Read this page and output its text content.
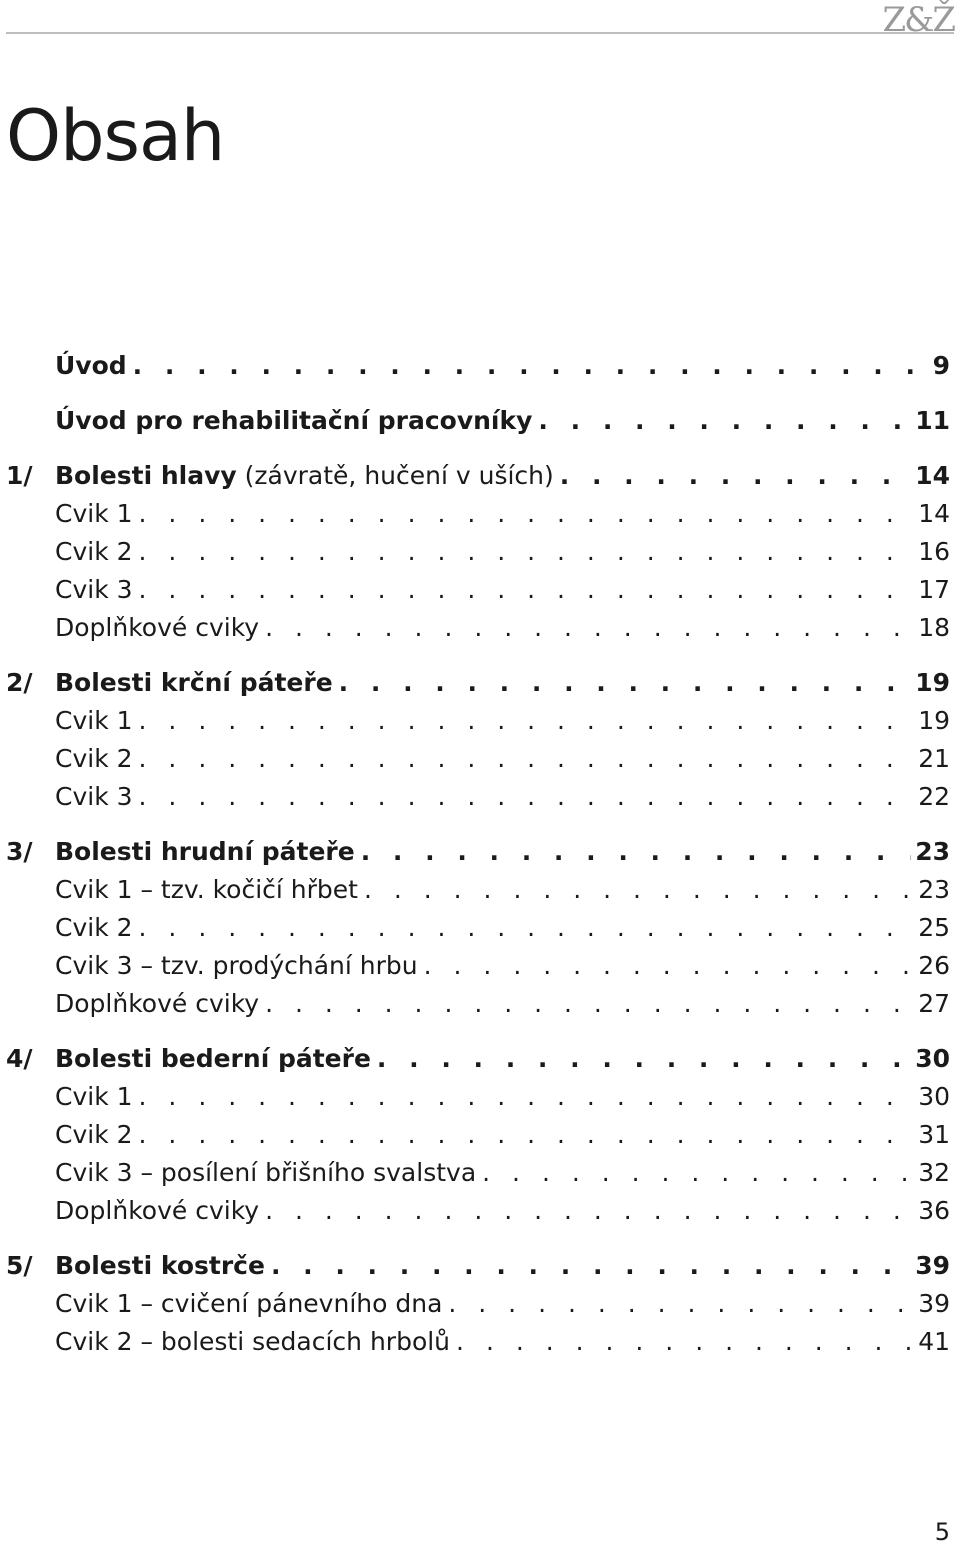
Z&Ž
Obsah
Úvod . . .	9
Úvod pro rehabilitační pracovníky . . .	11
1/ Bolesti hlavy (závratě, hučení v uších) . . .	14
Cvik 1 . . .	14
Cvik 2 . . .	16
Cvik 3 . . .	17
Doplňkové cviky . . .	18
2/ Bolesti krční páteře . . .	19
Cvik 1 . . .	19
Cvik 2 . . .	21
Cvik 3 . . .	22
3/ Bolesti hrudní páteře . . .	23
Cvik 1 – tzv. kočičí hřbet . . .	23
Cvik 2 . . .	25
Cvik 3 – tzv. prodýchání hrbu . . .	26
Doplňkové cviky . . .	27
4/ Bolesti bederní páteře . . .	30
Cvik 1 . . .	30
Cvik 2 . . .	31
Cvik 3 – posílení břišního svalstva . . .	32
Doplňkové cviky . . .	36
5/ Bolesti kostrče . . .	39
Cvik 1 – cvičení pánevního dna . . .	39
Cvik 2 – bolesti sedacích hrbolů . . .	41
5
